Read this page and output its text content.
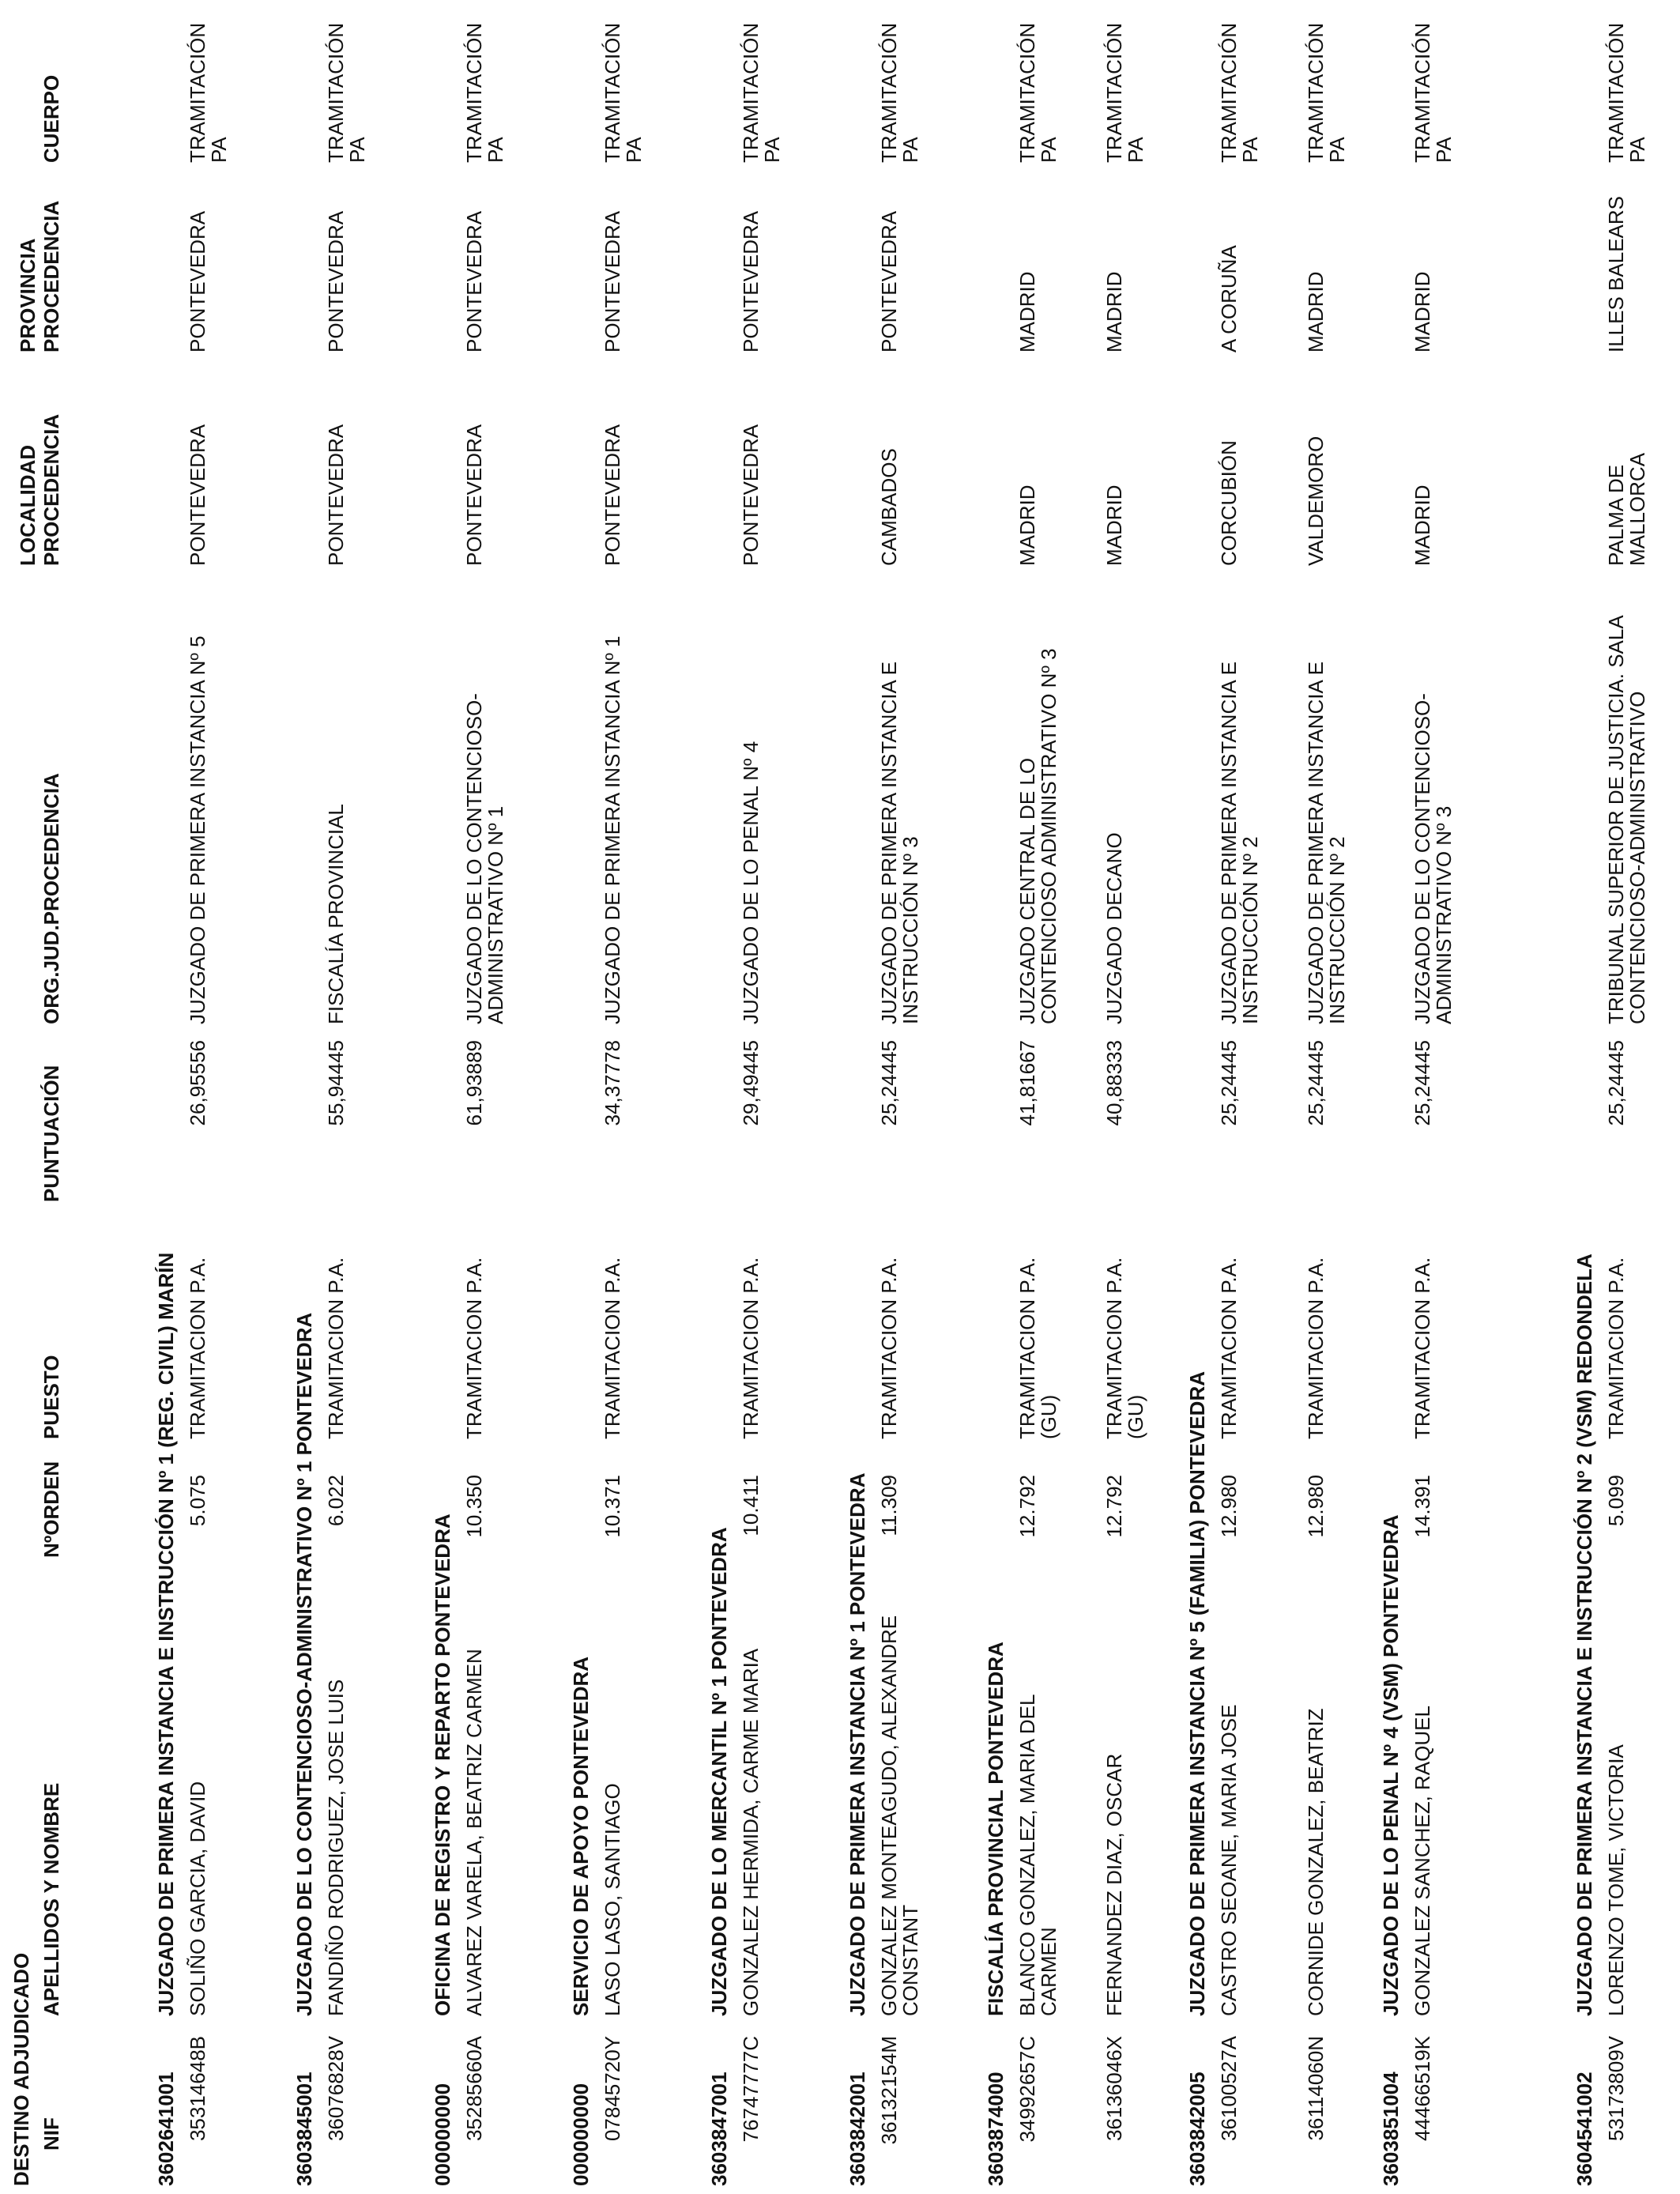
DESTINO ADJUDICADO NIF
APELLIDOS Y NOMBRE
NºORDEN
PUESTO
PUNTUACIÓN
ORG.JUD.PROCEDENCIA
LOCALIDAD PROCEDENCIA
PROVINCIA PROCEDENCIA
CUERPO
3602641001
JUZGADO DE PRIMERA INSTANCIA E INSTRUCCIÓN Nº 1 (REG. CIVIL) MARÍN
35314648B
SOLIÑO GARCIA, DAVID
5.075
TRAMITACION P.A.
26,95556
JUZGADO DE PRIMERA INSTANCIA Nº 5
PONTEVEDRA
PONTEVEDRA
TRAMITACIÓN PA
3603845001
JUZGADO DE LO CONTENCIOSO-ADMINISTRATIVO Nº 1 PONTEVEDRA
36076828V
FANDIÑO RODRIGUEZ, JOSE LUIS
6.022
TRAMITACION P.A.
55,94445
FISCALÍA PROVINCIAL
PONTEVEDRA
PONTEVEDRA
TRAMITACIÓN PA
000000000
OFICINA DE REGISTRO Y REPARTO PONTEVEDRA
35285660A
ALVAREZ VARELA, BEATRIZ CARMEN
10.350
TRAMITACION P.A.
61,93889
JUZGADO DE LO CONTENCIOSO-ADMINISTRATIVO Nº 1
PONTEVEDRA
PONTEVEDRA
TRAMITACIÓN PA
000000000
SERVICIO DE APOYO PONTEVEDRA
07845720Y
LASO LASO, SANTIAGO
10.371
TRAMITACION P.A.
34,37778
JUZGADO DE PRIMERA INSTANCIA Nº 1
PONTEVEDRA
PONTEVEDRA
TRAMITACIÓN PA
3603847001
JUZGADO DE LO MERCANTIL Nº 1 PONTEVEDRA
76747777C
GONZALEZ HERMIDA, CARME MARIA
10.411
TRAMITACION P.A.
29,49445
JUZGADO DE LO PENAL Nº 4
PONTEVEDRA
PONTEVEDRA
TRAMITACIÓN PA
3603842001
JUZGADO DE PRIMERA INSTANCIA Nº 1 PONTEVEDRA
36132154M
GONZALEZ MONTEAGUDO, ALEXANDRE CONSTANT
11.309
TRAMITACION P.A.
25,24445
JUZGADO DE PRIMERA INSTANCIA E INSTRUCCIÓN Nº 3
CAMBADOS
PONTEVEDRA
TRAMITACIÓN PA
3603874000
FISCALÍA PROVINCIAL PONTEVEDRA
34992657C
BLANCO GONZALEZ, MARIA DEL CARMEN
12.792
TRAMITACION P.A. (GU)
41,81667
JUZGADO CENTRAL DE LO CONTENCIOSO ADMINISTRATIVO Nº 3
MADRID
MADRID
TRAMITACIÓN PA
36136046X
FERNANDEZ DIAZ, OSCAR
12.792
TRAMITACION P.A. (GU)
40,88333
JUZGADO DECANO
MADRID
MADRID
TRAMITACIÓN PA
3603842005
JUZGADO DE PRIMERA INSTANCIA Nº 5 (FAMILIA) PONTEVEDRA
36100527A
CASTRO SEOANE, MARIA JOSE
12.980
TRAMITACION P.A.
25,24445
JUZGADO DE PRIMERA INSTANCIA E INSTRUCCIÓN Nº 2
CORCUBIÓN
A CORUÑA
TRAMITACIÓN PA
36114060N
CORNIDE GONZALEZ, BEATRIZ
12.980
TRAMITACION P.A.
25,24445
JUZGADO DE PRIMERA INSTANCIA E INSTRUCCIÓN Nº 2
VALDEMORO
MADRID
TRAMITACIÓN PA
3603851004
JUZGADO DE LO PENAL Nº 4 (VSM) PONTEVEDRA
44466519K
GONZALEZ SANCHEZ, RAQUEL
14.391
TRAMITACION P.A.
25,24445
JUZGADO DE LO CONTENCIOSO-ADMINISTRATIVO Nº 3
MADRID
MADRID
TRAMITACIÓN PA
3604541002
JUZGADO DE PRIMERA INSTANCIA E INSTRUCCIÓN Nº 2 (VSM) REDONDELA
53173809V
LORENZO TOME, VICTORIA
5.099
TRAMITACION P.A.
25,24445
TRIBUNAL SUPERIOR DE JUSTICIA. SALA CONTENCIOSO-ADMINISTRATIVO
PALMA DE MALLORCA
ILLES BALEARS
TRAMITACIÓN PA
